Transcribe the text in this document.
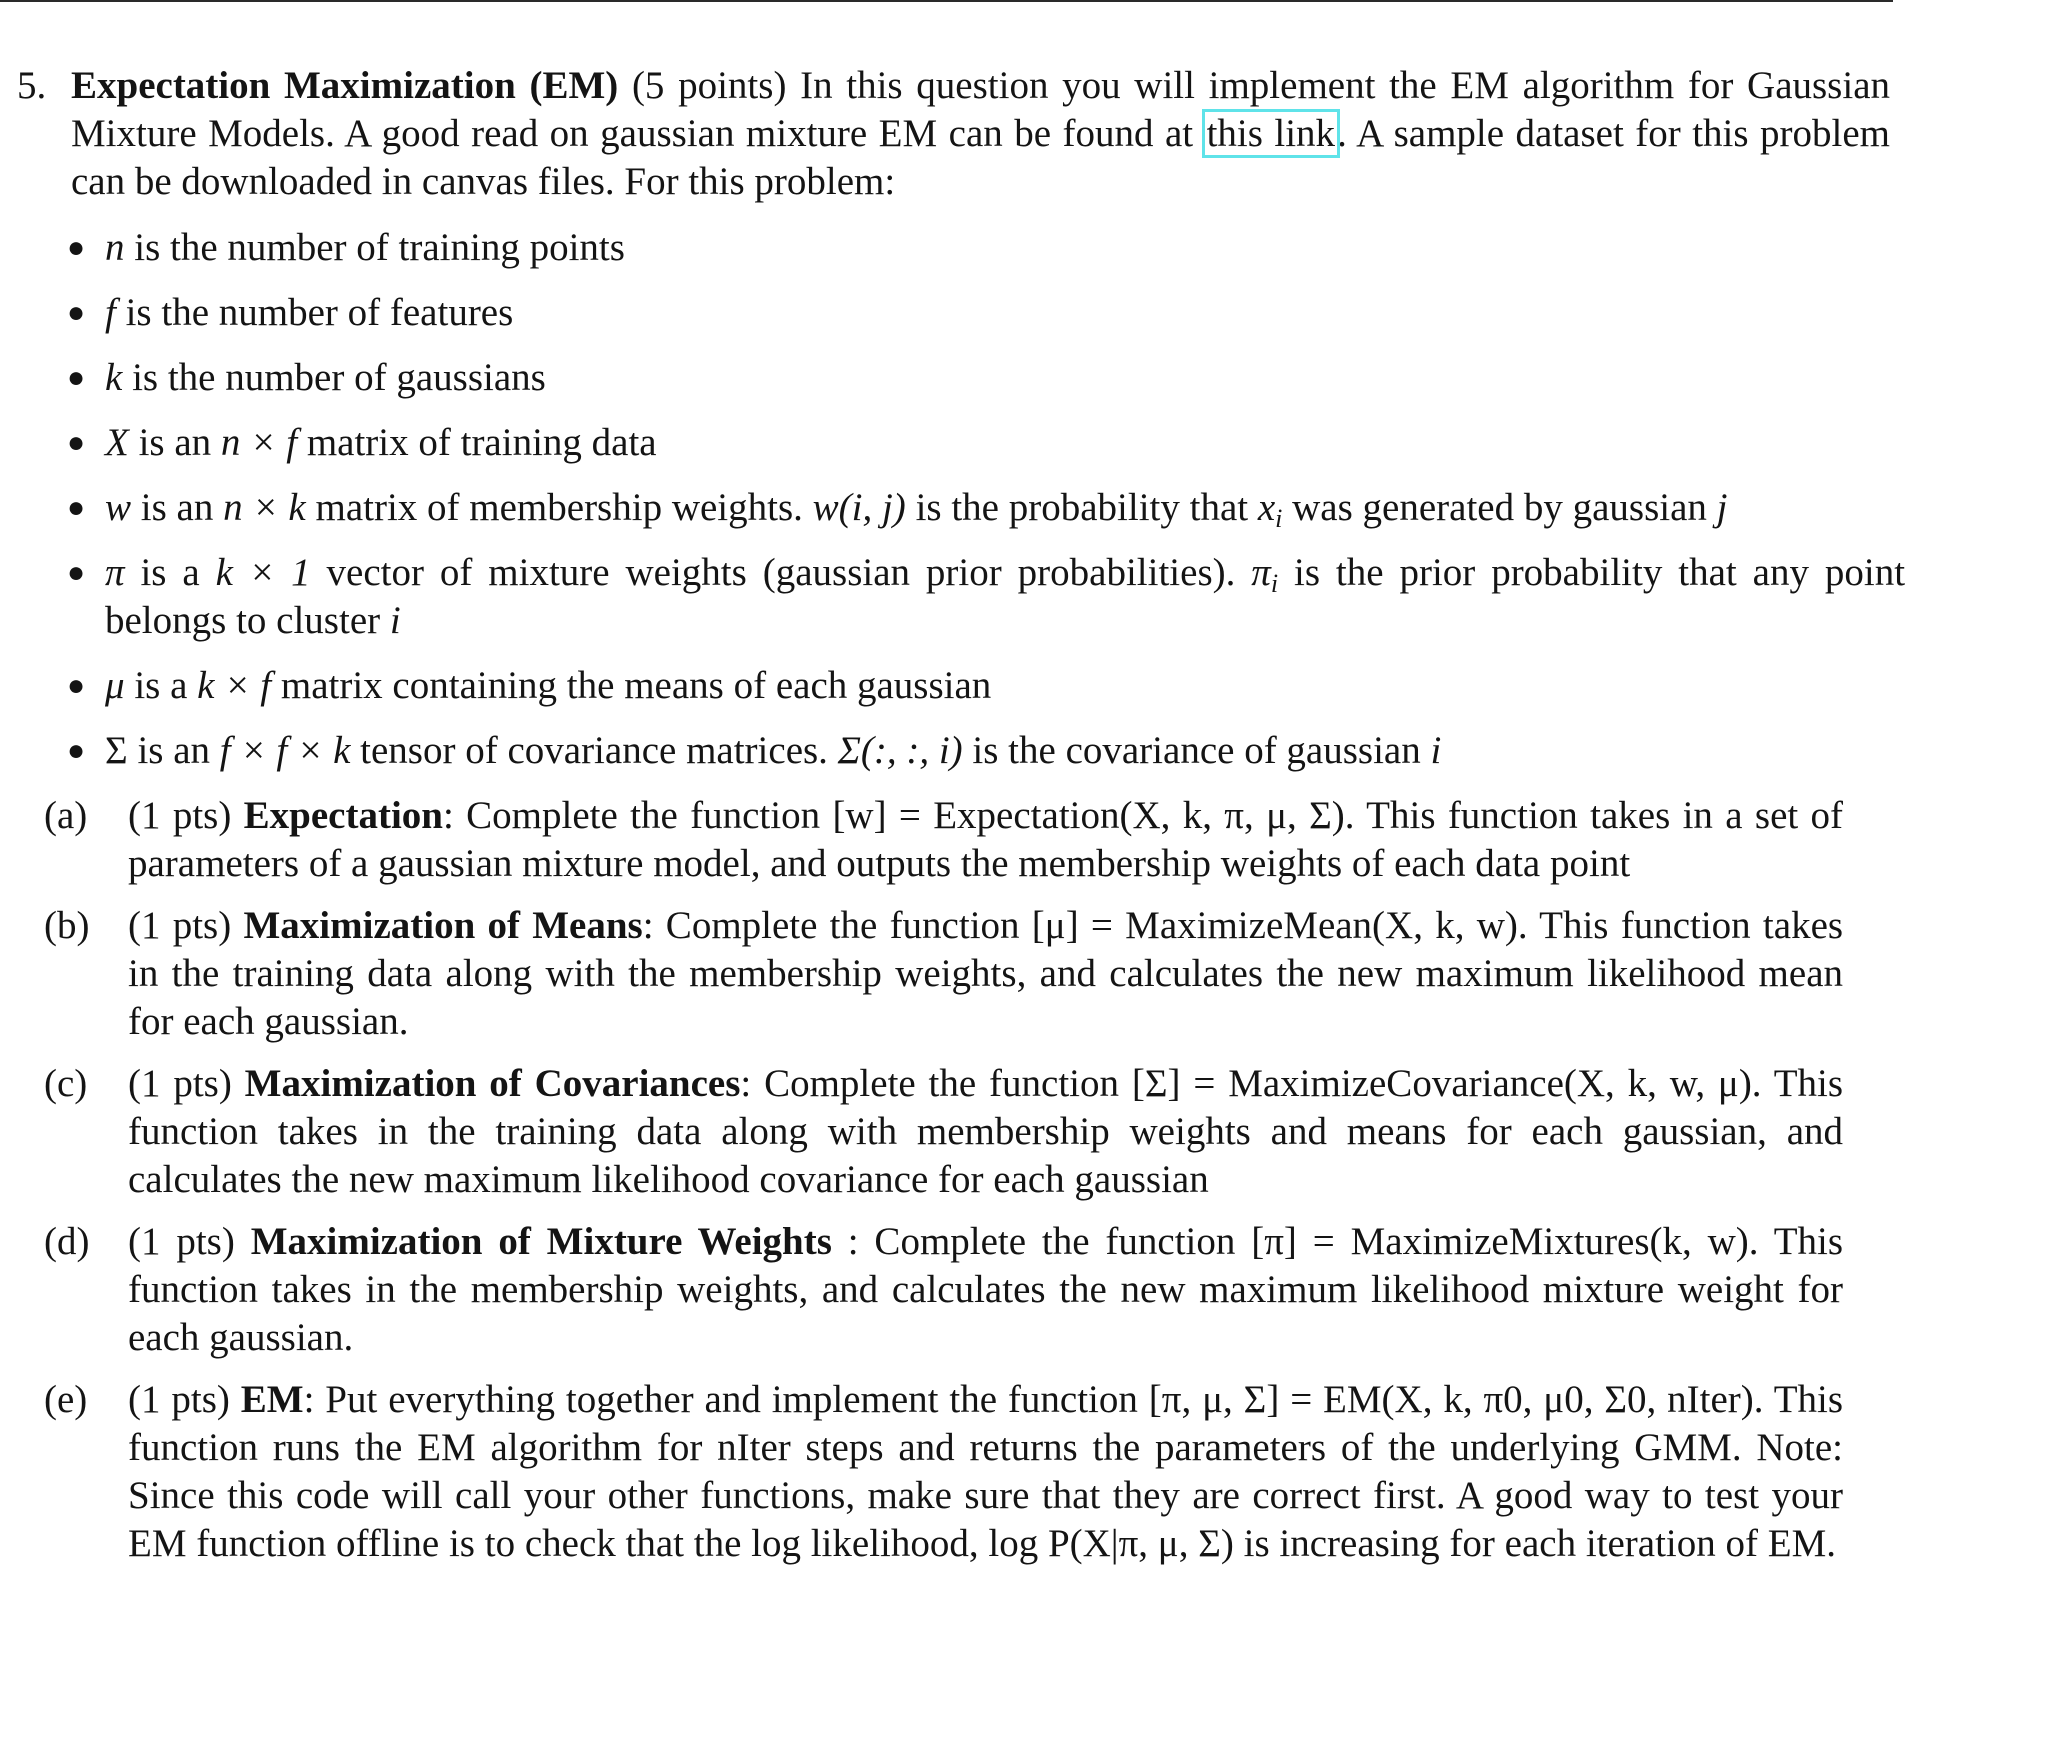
5. Expectation Maximization (EM) (5 points) In this question you will implement the EM algorithm for Gaussian Mixture Models. A good read on gaussian mixture EM can be found at this link. A sample dataset for this problem can be downloaded in canvas files. For this problem:
● n is the number of training points
● f is the number of features
● k is the number of gaussians
● X is an n × f matrix of training data
● w is an n × k matrix of membership weights. w(i, j) is the probability that $x_i$ was generated by gaussian j
● π is a k × 1 vector of mixture weights (gaussian prior probabilities). $\pi_i$ is the prior probability that any point belongs to cluster i
● μ is a k × f matrix containing the means of each gaussian
● Σ is an f × f × k tensor of covariance matrices. Σ(:, :, i) is the covariance of gaussian i
(a)	(1 pts) Expectation: Complete the function [w] = Expectation(X, k, π, μ, Σ). This function takes in a set of parameters of a gaussian mixture model, and outputs the membership weights of each data point
(b) (1 pts) Maximization of Means: Complete the function [μ] = MaximizeMean(X, k, w). This function takes in the training data along with the membership weights, and calculates the new maximum likelihood mean for each gaussian.
(c)	(1 pts) Maximization of Covariances: Complete the function [Σ] = MaximizeCovariance(X, k, w, μ). This function takes in the training data along with membership weights and means for each gaussian, and calculates the new maximum likelihood covariance for each gaussian
(d) (1 pts) Maximization of Mixture Weights : Complete the function [π] = MaximizeMixtures(k, w). This function takes in the membership weights, and calculates the new maximum likelihood mixture weight for each gaussian.
(e)	(1 pts) EM: Put everything together and implement the function [π, μ, Σ] = EM(X, k, π0, μ0, Σ0, nIter). This function runs the EM algorithm for nIter steps and returns the parameters of the underlying GMM. Note: Since this code will call your other functions, make sure that they are correct first. A good way to test your EM function offline is to check that the log likelihood, log P(X|π, μ, Σ) is increasing for each iteration of EM.
